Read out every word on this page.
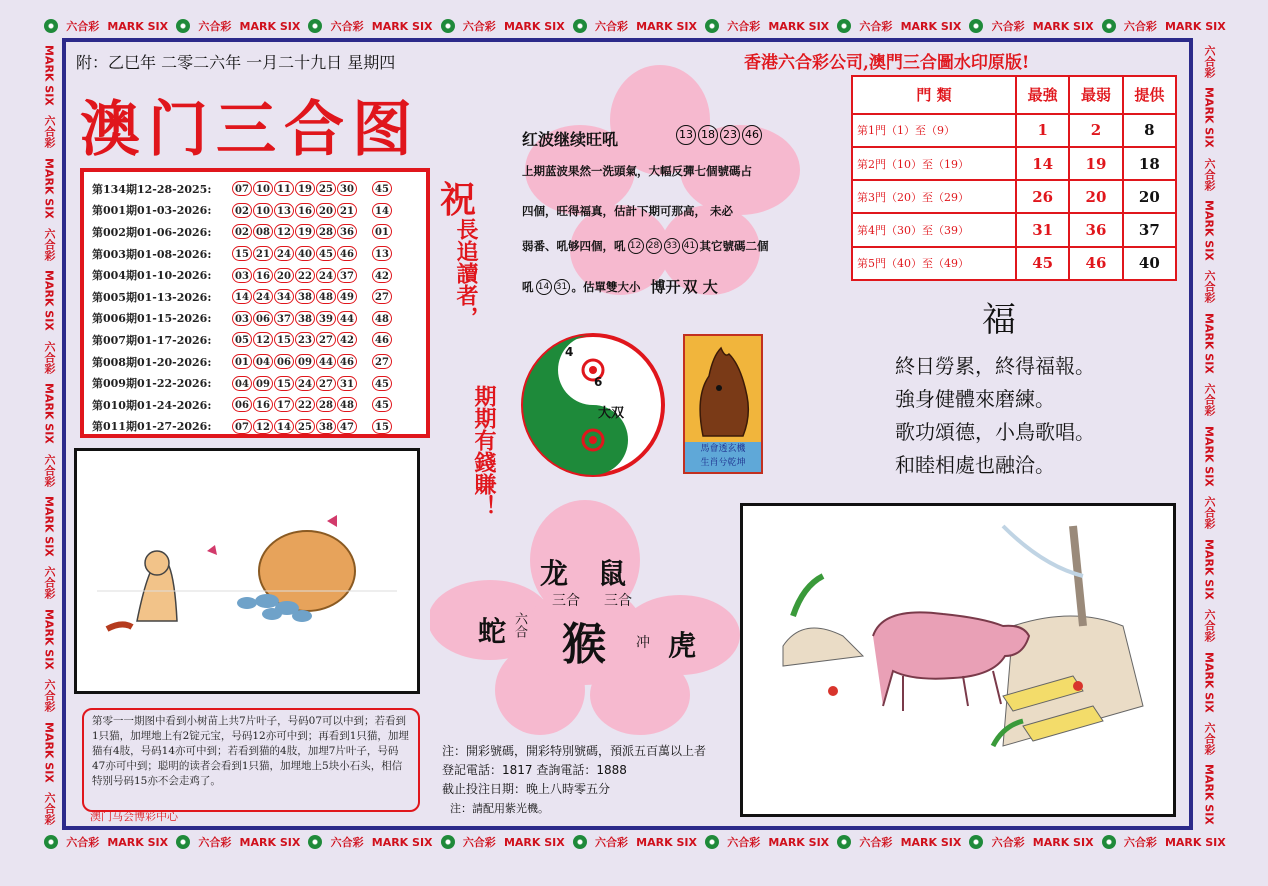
六合彩 MARK SIX	六合彩 MARK SIX	六合彩 MARK SIX	六合彩 MARK SIX	六合彩 MARK SIX	六合彩 MARK SIX	六合彩 MARK SIX	六合彩 MARK SIX	六合彩 MARK SIX
六合彩 MARK SIX	六合彩 MARK SIX	六合彩 MARK SIX	六合彩 MARK SIX	六合彩 MARK SIX	六合彩 MARK SIX	六合彩 MARK SIX	六合彩 MARK SIX	六合彩 MARK SIX
MARK SIX
六合彩
MARK SIX
六合彩
MARK SIX
六合彩
MARK SIX
六合彩
MARK SIX
六合彩
MARK SIX
六合彩
MARK SIX
六合彩
六合彩
MARK SIX
六合彩
MARK SIX
六合彩
MARK SIX
六合彩
MARK SIX
六合彩
MARK SIX
六合彩
MARK SIX
六合彩
MARK SIX
附：乙巳年 二零二六年 一月二十九日 星期四
澳门三合图
第134期12-28-2025:	07 10 11 19 25 30	45
第001期01-03-2026:	02 10 13 16 20 21	14
第002期01-06-2026:	02 08 12 19 28 36	01
第003期01-08-2026:	15 21 24 40 45 46	13
第004期01-10-2026:	03 16 20 22 24 37	42
第005期01-13-2026:	14 24 34 38 48 49	27
第006期01-15-2026:	03 06 37 38 39 44	48
第007期01-17-2026:	05 12 15 23 27 42	46
第008期01-20-2026:	01 04 06 09 44 46	27
第009期01-22-2026:	04 09 15 24 27 31	45
第010期01-24-2026:	06 16 17 22 28 48	45
第011期01-27-2026:	07 12 14 25 38 47	15
第零一一期图中看到小树苗上共7片叶子，号码07可以中到；若看到1只猫，加埋地上有2锭元宝，号码12亦可中到；再看到1只猫，加埋猫有4肢，号码14亦可中到；若看到猫的4肢，加埋7片叶子，号码47亦可中到；聪明的读者会看到1只猫，加埋地上5块小石头，相信特别号码15亦不会走鸡了。
澳门马会博彩中心
祝
長追讀者，
期期有錢賺！
红波继续旺吼	13 18 23 46
上期蓝波果然一洗頭氣，大幅反彈七個號碼占
四個，旺得福真，估計下期可那高， 未必
弱番、吼够四個，吼 12 28 33 41 其它號碼二個
吼 14 31 。估單雙大小 博开 双 大
4
6
大双
馬會透玄機
生肖兮乾坤
龙 鼠
三合 三合
蛇 六合 猴 冲 虎
注：開彩號碼，開彩特別號碼，預派五百萬以上者
登記電話：1817 查詢電話：1888
截止投注日期：晚上八時零五分
注：請配用紫光機。
香港六合彩公司,澳門三合圖水印原版!
門 類	最強	最弱	提供
第1門（1）至（9）	1	2	8
第2門（10）至（19）	14	19	18
第3門（20）至（29）	26	20	20
第4門（30）至（39）	31	36	37
第5門（40）至（49）	45	46	40
福
終日勞累，終得福報。
強身健體來磨練。
歌功頌德，小鳥歌唱。
和睦相處也融洽。
